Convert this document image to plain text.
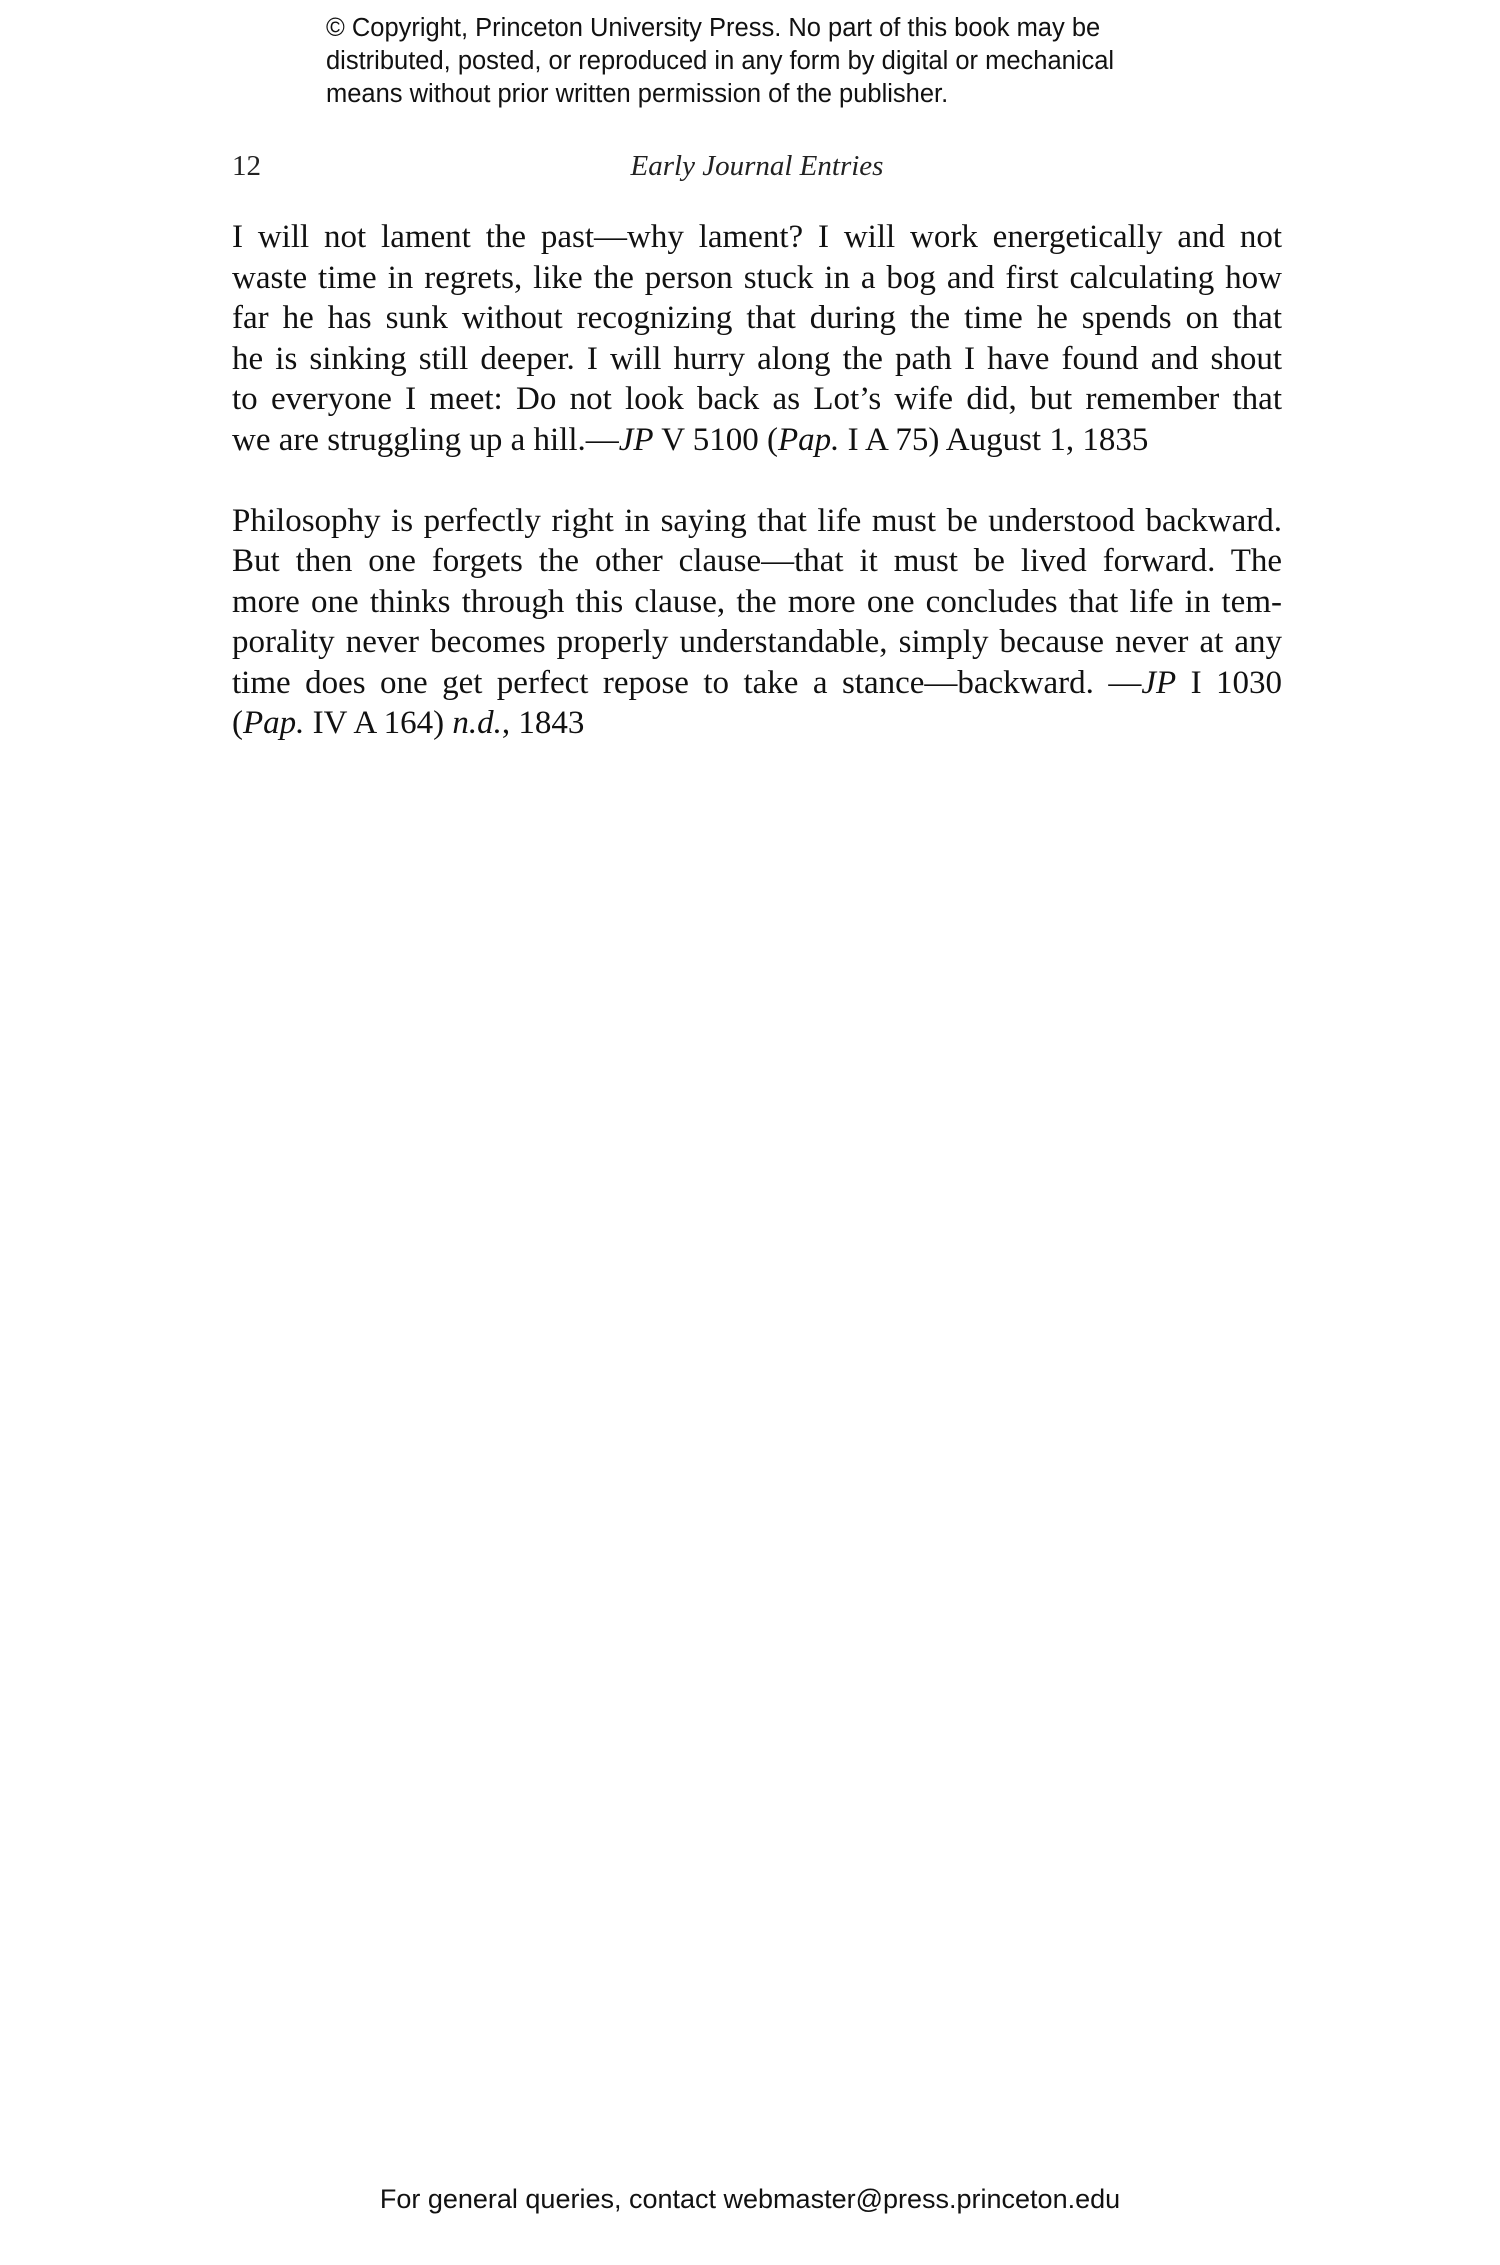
© Copyright, Princeton University Press. No part of this book may be
distributed, posted, or reproduced in any form by digital or mechanical
means without prior written permission of the publisher.
12	Early Journal Entries
I will not lament the past—why lament? I will work energetically and not
waste time in regrets, like the person stuck in a bog and first calculating how
far he has sunk without recognizing that during the time he spends on that
he is sinking still deeper. I will hurry along the path I have found and shout
to everyone I meet: Do not look back as Lot’s wife did, but remember that
we are struggling up a hill.—JP V 5100 (Pap. I A 75) August 1, 1835
Philosophy is perfectly right in saying that life must be understood backward.
But then one forgets the other clause—that it must be lived forward. The
more one thinks through this clause, the more one concludes that life in tem-
porality never becomes properly understandable, simply because never at any
time does one get perfect repose to take a stance—backward. —JP I 1030
(Pap. IV A 164) n.d., 1843
For general queries, contact webmaster@press.princeton.edu
